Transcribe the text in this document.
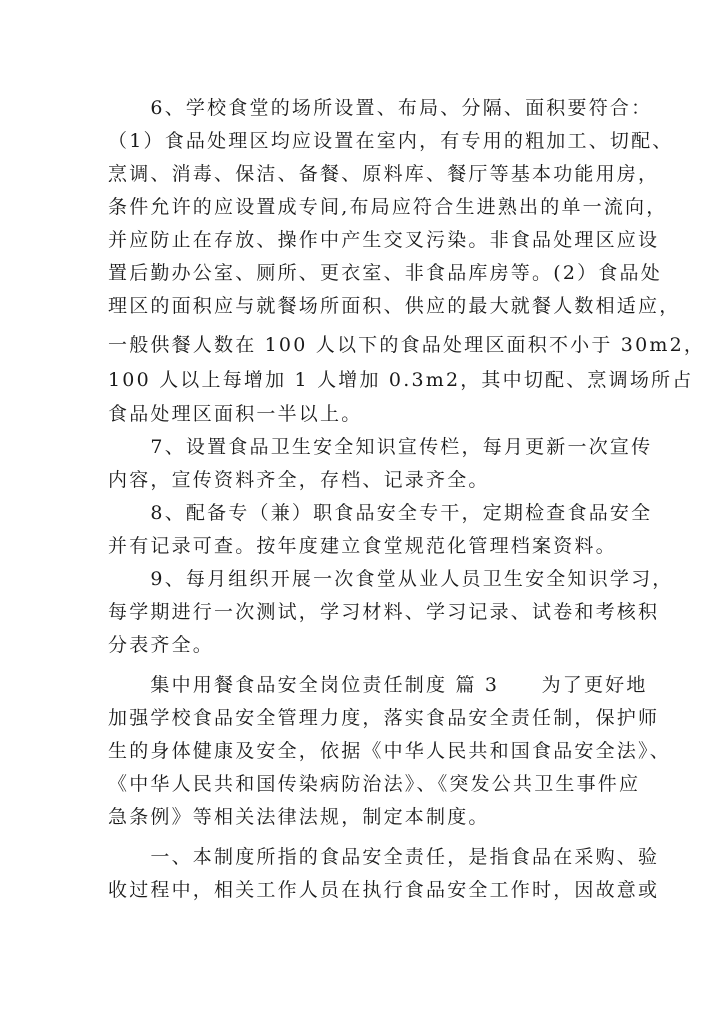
　　6、学校食堂的场所设置、布局、分隔、面积要符合：
（1）食品处理区均应设置在室内，有专用的粗加工、切配、
烹调、消毒、保洁、备餐、原料库、餐厅等基本功能用房，
条件允许的应设置成专间,布局应符合生进熟出的单一流向，
并应防止在存放、操作中产生交叉污染。非食品处理区应设
置后勤办公室、厕所、更衣室、非食品库房等。(2）食品处
理区的面积应与就餐场所面积、供应的最大就餐人数相适应，
一般供餐人数在 100 人以下的食品处理区面积不小于 30m2，
100 人以上每增加 1 人增加 0.3m2，其中切配、烹调场所占
食品处理区面积一半以上。
　　7、设置食品卫生安全知识宣传栏，每月更新一次宣传
内容，宣传资料齐全，存档、记录齐全。
　　8、配备专（兼）职食品安全专干，定期检查食品安全
并有记录可查。按年度建立食堂规范化管理档案资料。
　　9、每月组织开展一次食堂从业人员卫生安全知识学习，
每学期进行一次测试，学习材料、学习记录、试卷和考核积
分表齐全。
　　集中用餐食品安全岗位责任制度 篇 3　　为了更好地
加强学校食品安全管理力度，落实食品安全责任制，保护师
生的身体健康及安全，依据《中华人民共和国食品安全法》、
《中华人民共和国传染病防治法》、《突发公共卫生事件应
急条例》等相关法律法规，制定本制度。
　　一、本制度所指的食品安全责任，是指食品在采购、验
收过程中，相关工作人员在执行食品安全工作时，因故意或
